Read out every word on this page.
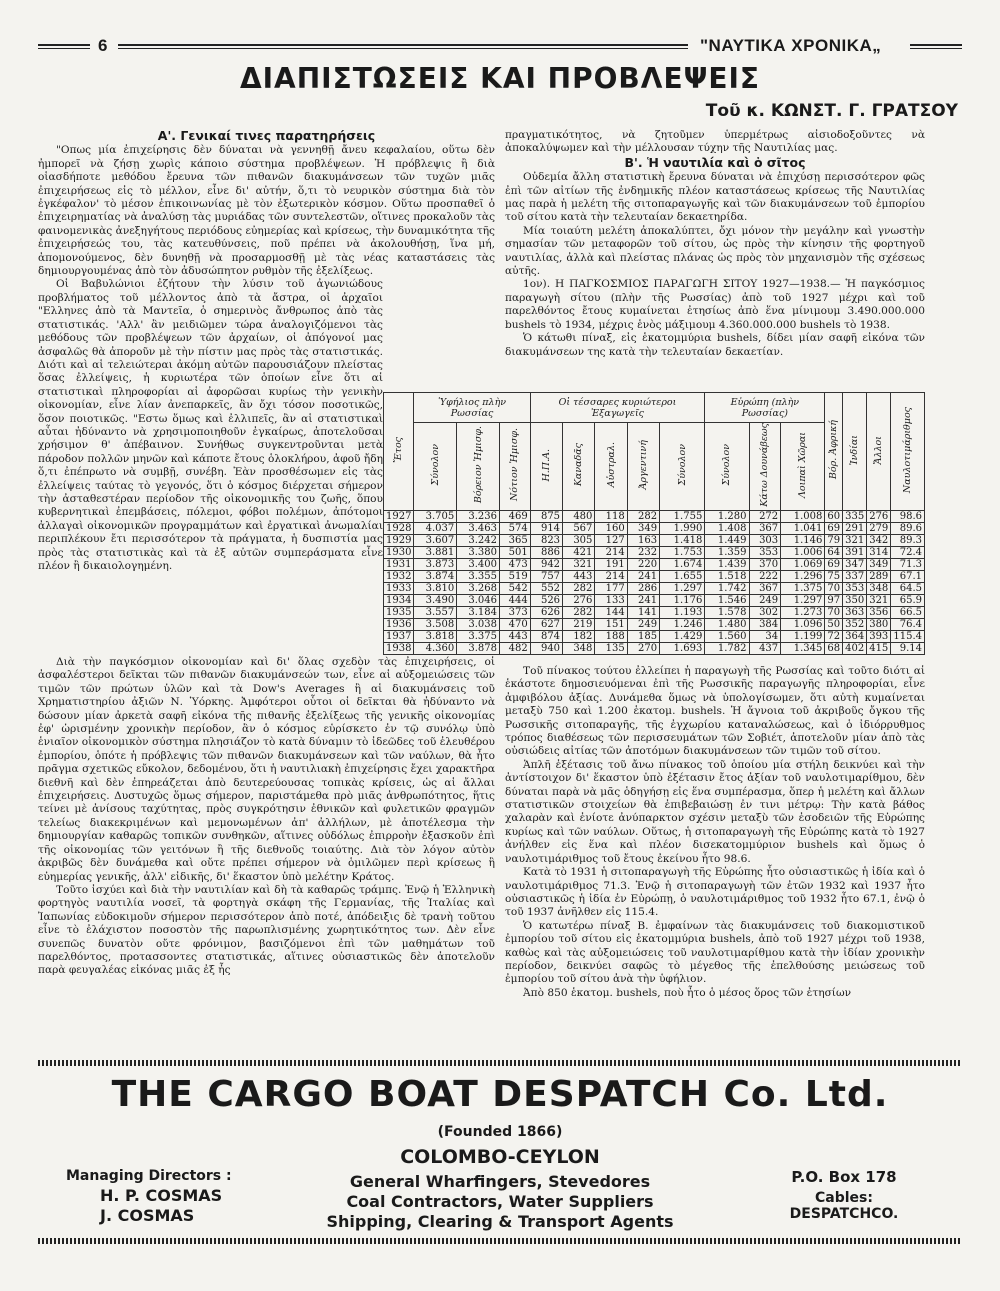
6	"ΝΑΥΤΙΚΑ ΧΡΟΝΙΚΑ„
ΔΙΑΠΙΣΤΩΣΕΙΣ ΚΑΙ ΠΡΟΒΛΕΨΕΙΣ
Τοῦ κ. ΚΩΝΣΤ. Γ. ΓΡΑΤΣΟΥ
Α'. Γενικαί τινες παρατηρήσεις

"Οπως μία ἐπιχείρησις δὲν δύναται νὰ γεννηθῇ ἄνευ κεφαλαίου, οὕτω δὲν ἠμπορεῖ νὰ ζήσῃ χωρὶς κάποιο σύστημα προβλέψεων. Ἡ πρόβλεψις ἢ διὰ οἱασδήποτε μεθόδου ἔρευνα τῶν πιθανῶν διακυμάνσεων τῶν τυχῶν μιᾶς ἐπιχειρήσεως εἰς τὸ μέλλον, εἶνε δι' αὐτήν, ὅ,τι τὸ νευρικὸν σύστημα διὰ τὸν ἐγκέφαλον' τὸ μέσον ἐπικοινωνίας μὲ τὸν ἐξωτερικὸν κόσμον. Οὕτω προσπαθεῖ ὁ ἐπιχειρηματίας νὰ ἀναλύσῃ τὰς μυριάδας τῶν συντελεστῶν, οἵτινες προκαλοῦν τὰς φαινομενικὰς ἀνεξηγήτους περιόδους εὐημερίας καὶ κρίσεως, τὴν δυναμικότητα τῆς ἐπιχειρήσεώς του, τὰς κατευθύνσεις, ποῦ πρέπει νὰ ἀκολουθήσῃ, ἵνα μή, ἀπομονούμενος, δὲν δυνηθῇ νὰ προσαρμοσθῇ μὲ τὰς νέας καταστάσεις τὰς δημιουργουμένας ἀπὸ τὸν ἀδυσώπητον ρυθμὸν τῆς ἐξελίξεως.

Οἱ Βαβυλώνιοι ἐζήτουν τὴν λύσιν τοῦ ἀγωνιώδους προβλήματος τοῦ μέλλοντος ἀπὸ τὰ ἄστρα, οἱ ἀρχαῖοι "Ελληνες ἀπὸ τὰ Μαντεῖα, ὁ σημερινὸς ἄνθρωπος ἀπὸ τὰς στατιστικάς. 'Αλλ' ἂν μειδιῶμεν τώρα ἀναλογιζόμενοι τὰς μεθόδους τῶν προβλέψεων τῶν ἀρχαίων, οἱ ἀπόγονοί μας ἀσφαλῶς θὰ ἀποροῦν μὲ τὴν πίστιν μας πρὸς τὰς στατιστικάς. Διότι καὶ αἱ τελειώτεραι ἀκόμη αὐτῶν παρουσιάζουν πλείστας ὅσας ἐλλείψεις, ἡ κυριωτέρα τῶν ὁποίων εἶνε ὅτι αἱ στατιστικαὶ πληροφορίαι αἱ ἀφορῶσαι κυρίως τὴν γενικὴν οἰκονομίαν, εἶνε λίαν ἀνεπαρκεῖς, ἂν ὄχι τόσον ποσοτικῶς, ὅσον ποιοτικῶς. "Εστω ὅμως καὶ ἐλλιπεῖς, ἂν αἱ στατιστικαὶ αὗται ἠδύναντο νὰ χρησιμοποιηθοῦν ἐγκαίρως, ἀποτελοῦσαι χρήσιμον θ' ἀπέβαινον. Συνήθως συγκεντροῦνται μετὰ πάροδον πολλῶν μηνῶν καὶ κάποτε ἔτους ὁλοκλήρου, ἀφοῦ ἤδη ὅ,τι ἐπέπρωτο νὰ συμβῇ, συνέβη. Ἐὰν προσθέσωμεν εἰς τὰς ἐλλείψεις ταύτας τὸ γεγονός, ὅτι ὁ κόσμος διέρχεται σήμερον τὴν ἀσταθεστέραν περίοδον τῆς οἰκονομικῆς του ζωῆς, ὅπου κυβερνητικαὶ ἐπεμβάσεις, πόλεμοι, φόβοι πολέμων, ἀπότομοι ἀλλαγαὶ οἰκονομικῶν προγραμμάτων καὶ ἐργατικαὶ ἀνωμαλίαι περιπλέκουν ἔτι περισσότερον τὰ πράγματα, ἡ δυσπιστία μας πρὸς τὰς στατιστικὰς καὶ τὰ ἐξ αὐτῶν συμπεράσματα εἶνε πλέον ἢ δικαιολογημένη.

Διὰ τὴν παγκόσμιον οἰκονομίαν καὶ δι' ὅλας σχεδὸν τὰς ἐπιχειρήσεις, οἱ ἀσφαλέστεροι δεῖκται τῶν πιθανῶν διακυμάνσεών των, εἶνε αἱ αὐξομειώσεις τῶν τιμῶν τῶν πρώτων ὑλῶν καὶ τὰ Dow's Averages ἢ αἱ διακυμάνσεις τοῦ Χρηματιστηρίου ἀξιῶν Ν. Ὑόρκης. Ἀμφότεροι οὗτοι οἱ δεῖκται θὰ ἠδύναντο νὰ δώσουν μίαν ἀρκετὰ σαφῆ εἰκόνα τῆς πιθανῆς ἐξελίξεως τῆς γενικῆς οἰκονομίας ἐφ' ὡρισμένην χρονικὴν περίοδον, ἂν ὁ κόσμος εὑρίσκετο ἐν τῷ συνόλῳ ὑπὸ ἑνιαῖον οἰκονομικὸν σύστημα πλησιάζον τὸ κατὰ δύναμιν τὸ ἰδεῶδες τοῦ ἐλευθέρου ἐμπορίου, ὁπότε ἡ πρόβλεψις τῶν πιθανῶν διακυμάνσεων καὶ τῶν ναύλων, θὰ ἦτο πρᾶγμα σχετικῶς εὔκολον, δεδομένου, ὅτι ἡ ναυτιλιακὴ ἐπιχείρησις ἔχει χαρακτῆρα διεθνῆ καὶ δὲν ἐπηρεάζεται ἀπὸ δευτερεύουσας τοπικὰς κρίσεις, ὡς αἱ ἄλλαι ἐπιχειρήσεις. Δυστυχῶς ὅμως σήμερον, παριστάμεθα πρὸ μιᾶς ἀνθρωπότητος, ἥτις τείνει μὲ ἀνίσους ταχύτητας, πρὸς συγκρότησιν ἐθνικῶν καὶ φυλετικῶν φραγμῶν τελείως διακεκριμένων καὶ μεμονωμένων ἀπ' ἀλλήλων, μὲ ἀποτέλεσμα τὴν δημιουργίαν καθαρῶς τοπικῶν συνθηκῶν, αἵτινες οὐδόλως ἐπιρροὴν ἐξασκοῦν ἐπὶ τῆς οἰκονομίας τῶν γειτόνων ἢ τῆς διεθνοῦς τοιαύτης. Διὰ τὸν λόγον αὐτὸν ἀκριβῶς δὲν δυνάμεθα καὶ οὔτε πρέπει σήμερον νὰ ὁμιλῶμεν περὶ κρίσεως ἢ εὐημερίας γενικῆς, ἀλλ' εἰδικῆς, δι' ἕκαστον ὑπὸ μελέτην Κράτος.

Τοῦτο ἰσχύει καὶ διὰ τὴν ναυτιλίαν καὶ δὴ τὰ καθαρῶς τράμπς. Ἐνῷ ἡ Ἑλληνικὴ φορτηγὸς ναυτιλία νοσεῖ, τὰ φορτηγὰ σκάφη τῆς Γερμανίας, τῆς Ἰταλίας καὶ Ἰαπωνίας εὐδοκιμοῦν σήμερον περισσότερον ἀπὸ ποτέ, ἀπόδειξις δὲ τρανὴ τοῦτου εἶνε τὸ ἐλάχιστον ποσοστὸν τῆς παρωπλισμένης χωρητικότητος των. Δὲν εἶνε συνεπῶς δυνατὸν οὔτε φρόνιμον, βασιζόμενοι ἐπὶ τῶν μαθημάτων τοῦ παρελθόντος, προτασσοντες στατιστικάς, αἵτινες οὐσιαστικῶς δὲν ἀποτελοῦν παρὰ φευγαλέας εἰκόνας μιᾶς ἐξ ἧς

πραγματικότητος, νὰ ζητοῦμεν ὑπερμέτρως αἰσιοδοξοῦντες νὰ ἀποκαλύψωμεν καὶ τὴν μέλλουσαν τύχην τῆς Ναυτιλίας μας.

Β'. Ἡ ναυτιλία καὶ ὁ σῖτος

Οὐδεμία ἄλλη στατιστικὴ ἔρευνα δύναται νὰ ἐπιχύσῃ περισσότερον φῶς ἐπὶ τῶν αἰτίων τῆς ἐνδημικῆς πλέον καταστάσεως κρίσεως τῆς Ναυτιλίας μας παρὰ ἡ μελέτη τῆς σιτοπαραγωγῆς καὶ τῶν διακυμάνσεων τοῦ ἐμπορίου τοῦ σίτου κατὰ τὴν τελευταίαν δεκαετηρίδα.

Μία τοιαύτη μελέτη ἀποκαλύπτει, ὄχι μόνον τὴν μεγάλην καὶ γνωστὴν σημασίαν τῶν μεταφορῶν τοῦ σίτου, ὡς πρὸς τὴν κίνησιν τῆς φορτηγοῦ ναυτιλίας, ἀλλὰ καὶ πλείστας πλάνας ὡς πρὸς τὸν μηχανισμὸν τῆς σχέσεως αὐτῆς.

1ον). Η ΠΑΓΚΟΣΜΙΟΣ ΠΑΡΑΓΩΓΗ ΣΙΤΟΥ 1927—1938.— Ἡ παγκόσμιος παραγωγὴ σίτου (πλὴν τῆς Ρωσσίας) ἀπὸ τοῦ 1927 μέχρι καὶ τοῦ παρελθόντος ἔτους κυμαίνεται ἐτησίως ἀπὸ ἕνα μίνιμουμ 3.490.000.000 bushels τὸ 1934, μέχρις ἑνὸς μάξιμουμ 4.360.000.000 bushels τὸ 1938.

Ὁ κάτωθι πίναξ, εἰς ἑκατομμύρια bushels, δίδει μίαν σαφῆ εἰκόνα τῶν διακυμάνσεων της κατὰ τὴν τελευταίαν δεκαετίαν.

Ἔτος	Ὑφήλιος πλὴν Ρωσσίας			Οἱ τέσσαρες κυριώτεροι Ἐξαγωγεῖς					Εὐρώπη (πλὴν Ρωσσίας)			Βόρ. Ἀφρική	Ἰνδίαι	Ἄλλοι	Ναυλοτιμάριθμος
	Σύνολον	Βόρειον Ἡμισφ.	Νότιον Ἡμισφ.	Η.Π.Α.	Καναδᾶς	Αὐστραλ.	Ἀργεντινή	Σύνολον	Σύνολον	Κάτω Δουνάβεως	Λοιπαὶ Χῶραι				
1927	3.705	3.236	469	875	480	118	282	1.755	1.280	272	1.008	60	335	276	98.6
1928	4.037	3.463	574	914	567	160	349	1.990	1.408	367	1.041	69	291	279	89.6
1929	3.607	3.242	365	823	305	127	163	1.418	1.449	303	1.146	79	321	342	89.3
1930	3.881	3.380	501	886	421	214	232	1.753	1.359	353	1.006	64	391	314	72.4
1931	3.873	3.400	473	942	321	191	220	1.674	1.439	370	1.069	69	347	349	71.3
1932	3.874	3.355	519	757	443	214	241	1.655	1.518	222	1.296	75	337	289	67.1
1933	3.810	3.268	542	552	282	177	286	1.297	1.742	367	1.375	70	353	348	64.5
1934	3.490	3.046	444	526	276	133	241	1.176	1.546	249	1.297	97	350	321	65.9
1935	3.557	3.184	373	626	282	144	141	1.193	1.578	302	1.273	70	363	356	66.5
1936	3.508	3.038	470	627	219	151	249	1.246	1.480	384	1.096	50	352	380	76.4
1937	3.818	3.375	443	874	182	188	185	1.429	1.560	34	1.199	72	364	393	115.4
1938	4.360	3.878	482	940	348	135	270	1.693	1.782	437	1.345	68	402	415	9.14

Τοῦ πίνακος τούτου ἐλλείπει ἡ παραγωγὴ τῆς Ρωσσίας καὶ τοῦτο διότι αἱ ἑκάστοτε δημοσιευόμεναι ἐπὶ τῆς Ρωσσικῆς παραγωγῆς πληροφορίαι, εἶνε ἀμφιβόλου ἀξίας. Δυνάμεθα ὅμως νὰ ὑπολογίσωμεν, ὅτι αὐτὴ κυμαίνεται μεταξὺ 750 καὶ 1.200 ἑκατομ. bushels. Ἡ ἄγνοια τοῦ ἀκριβοῦς ὄγκου τῆς Ρωσσικῆς σιτοπαραγῆς, τῆς ἐγχωρίου καταναλώσεως, καὶ ὁ ἰδιόρρυθμος τρόπος διαθέσεως τῶν περισσευμάτων τῶν Σοβιέτ, ἀποτελοῦν μίαν ἀπὸ τὰς οὐσιώδεις αἰτίας τῶν ἀποτόμων διακυμάνσεων τῶν τιμῶν τοῦ σίτου.

Ἁπλῆ ἐξέτασις τοῦ ἄνω πίνακος τοῦ ὁποίου μία στήλη δεικνύει καὶ τὴν ἀντίστοιχον δι' ἕκαστον ὑπὸ ἐξέτασιν ἔτος ἀξίαν τοῦ ναυλοτιμαρίθμου, δὲν δύναται παρὰ νὰ μᾶς ὁδηγήσῃ εἰς ἕνα συμπέρασμα, ὅπερ ἡ μελέτη καὶ ἄλλων στατιστικῶν στοιχείων θὰ ἐπιβεβαιώσῃ ἐν τινι μέτρῳ: Τὴν κατὰ βάθος χαλαρὰν καὶ ἐνίοτε ἀνύπαρκτον σχέσιν μεταξὺ τῶν ἐσοδειῶν τῆς Εὐρώπης κυρίως καὶ τῶν ναύλων. Οὕτως, ἡ σιτοπαραγωγὴ τῆς Εὐρώπης κατὰ τὸ 1927 ἀνήλθεν εἰς ἕνα καὶ πλέον δισεκατομμύριον bushels καὶ ὅμως ὁ ναυλοτιμάριθμος τοῦ ἔτους ἐκείνου ἦτο 98.6.

Κατὰ τὸ 1931 ἡ σιτοπαραγωγὴ τῆς Εὐρώπης ἦτο οὐσιαστικῶς ἡ ἰδία καὶ ὁ ναυλοτιμάριθμος 71.3. Ἐνῷ ἡ σιτοπαραγωγὴ τῶν ἐτῶν 1932 καὶ 1937 ἦτο οὐσιαστικῶς ἡ ἰδία ἐν Εὐρώπῃ, ὁ ναυλοτιμάριθμος τοῦ 1932 ἦτο 67.1, ἐνῷ ὁ τοῦ 1937 ἀνῆλθεν εἰς 115.4.

Ὁ κατωτέρω πίναξ Β. ἐμφαίνων τὰς διακυμάνσεις τοῦ διακομιστικοῦ ἐμπορίου τοῦ σίτου εἰς ἑκατομμύρια bushels, ἀπὸ τοῦ 1927 μέχρι τοῦ 1938, καθὼς καὶ τὰς αὐξομειώσεις τοῦ ναυλοτιμαρίθμου κατὰ τὴν ἰδίαν χρονικὴν περίοδον, δεικνύει σαφῶς τὸ μέγεθος τῆς ἐπελθούσης μειώσεως τοῦ ἐμπορίου τοῦ σίτου ἀνὰ τὴν ὑφήλιον.

Ἀπὸ 850 ἑκατομ. bushels, ποὺ ἦτο ὁ μέσος ὅρος τῶν ἐτησίων

THE CARGO BOAT DESPATCH Co. Ltd.
(Founded 1866)
COLOMBO-CEYLON
Managing Directors :
H. P. COSMAS
J. COSMAS
General Wharfingers, Stevedores
Coal Contractors, Water Suppliers
Shipping, Clearing & Transport Agents
P.O. Box 178
Cables:
DESPATCHCO.
